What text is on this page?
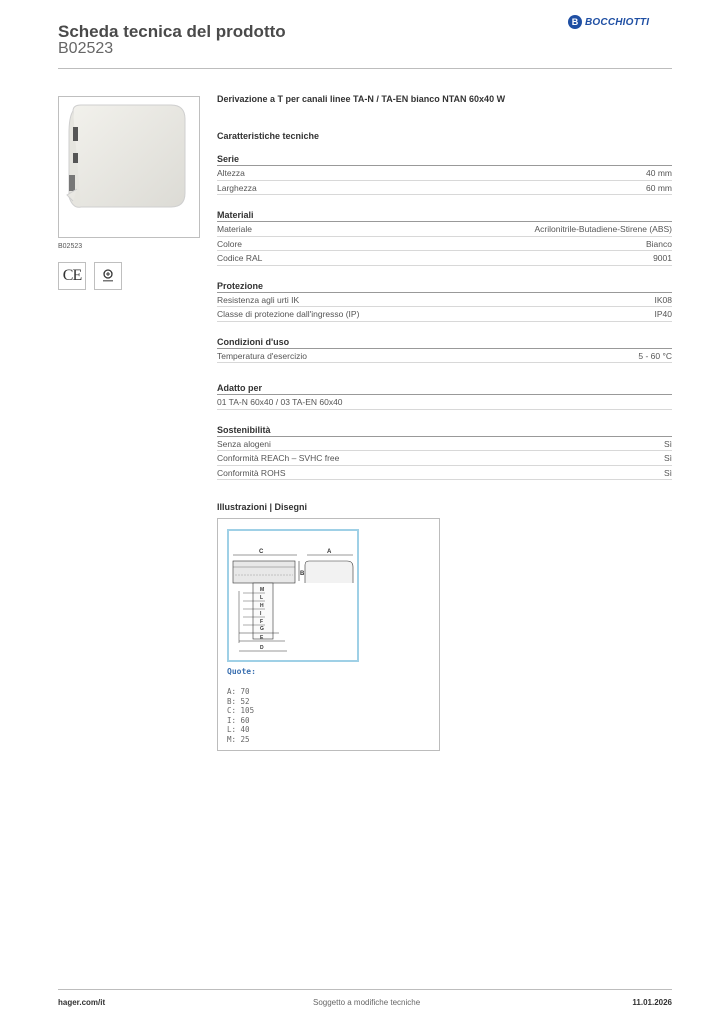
Scheda tecnica del prodotto
B02523
B BOCCHIOTTI
B02523
CE
Derivazione a T per canali linee TA-N / TA-EN bianco NTAN 60x40 W
Caratteristiche tecniche
Serie
Altezza	40 mm
Larghezza	60 mm
Materiali
Materiale	Acrilonitrile-Butadiene-Stirene (ABS)
Colore	Bianco
Codice RAL	9001
Protezione
Resistenza agli urti IK	IK08
Classe di protezione dall'ingresso (IP)	IP40
Condizioni d'uso
Temperatura d'esercizio	5 - 60 °C
Adatto per
01 TA-N 60x40 / 03 TA-EN 60x40
Sostenibilità
Senza alogeni	Sì
Conformità REACh – SVHC free	Sì
Conformità ROHS	Sì
Illustrazioni | Disegni
C	A
B
M
L
H
I
F
G
E
D
Quote:
A: 70
B: 52
C: 105
I: 60
L: 40
M: 25
hager.com/it	Soggetto a modifiche tecniche	11.01.2026
